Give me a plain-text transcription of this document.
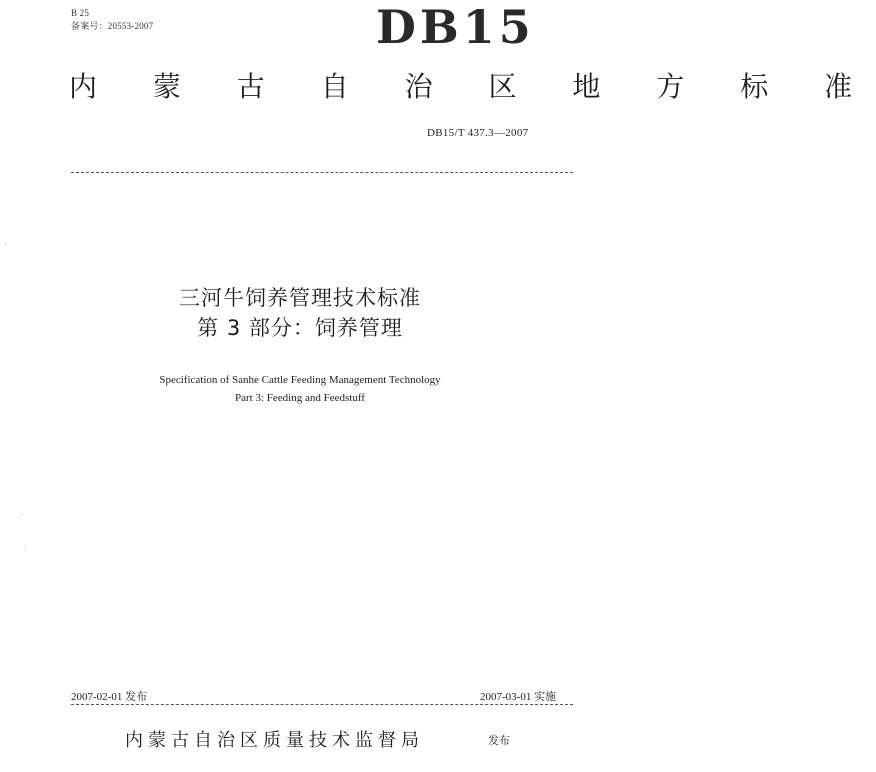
B 25
备案号：20553-2007	DB15
内 蒙 古 自 治 区 地 方 标 准
DB15/T 437.3—2007
·
·
·
三河牛饲养管理技术标准
第 3 部分：饲养管理
Specification of Sanhe Cattle Feeding Management Technology
Part 3: Feeding and Feedstuff
2007-02-01 发布	2007-03-01 实施
内蒙古自治区质量技术监督局	发布
